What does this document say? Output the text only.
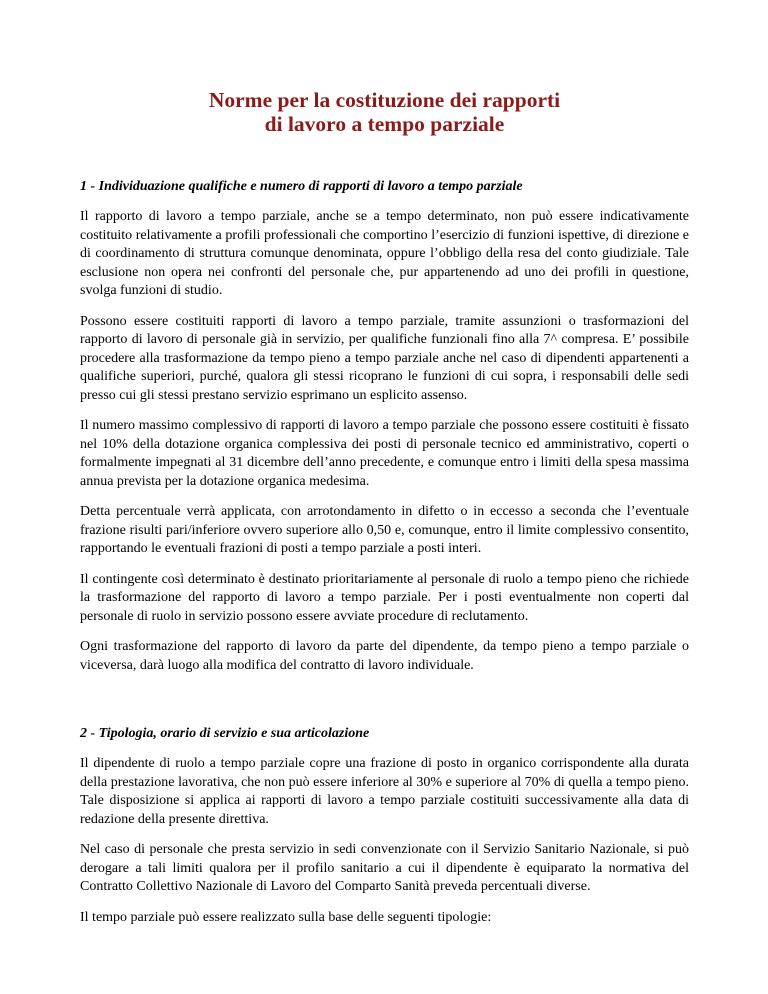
Norme per la costituzione dei rapporti
di lavoro a tempo parziale
1 - Individuazione qualifiche e numero di rapporti di lavoro a tempo parziale

Il rapporto di lavoro a tempo parziale, anche se a tempo determinato, non può essere indicativamente costituito relativamente a profili professionali che comportino l’esercizio di funzioni ispettive, di direzione e di coordinamento di struttura comunque denominata, oppure l’obbligo della resa del conto giudiziale. Tale esclusione non opera nei confronti del personale che, pur appartenendo ad uno dei profili in questione, svolga funzioni di studio.

Possono essere costituiti rapporti di lavoro a tempo parziale, tramite assunzioni o trasformazioni del rapporto di lavoro di personale già in servizio, per qualifiche funzionali fino alla 7^ compresa. E’ possibile procedere alla trasformazione da tempo pieno a tempo parziale anche nel caso di dipendenti appartenenti a qualifiche superiori, purché, qualora gli stessi ricoprano le funzioni di cui sopra, i responsabili delle sedi presso cui gli stessi prestano servizio esprimano un esplicito assenso.

Il numero massimo complessivo di rapporti di lavoro a tempo parziale che possono essere costituiti è fissato nel 10% della dotazione organica complessiva dei posti di personale tecnico ed amministrativo, coperti o formalmente impegnati al 31 dicembre dell’anno precedente, e comunque entro i limiti della spesa massima annua prevista per la dotazione organica medesima.

Detta percentuale verrà applicata, con arrotondamento in difetto o in eccesso a seconda che l’eventuale frazione risulti pari/inferiore ovvero superiore allo 0,50 e, comunque, entro il limite complessivo consentito, rapportando le eventuali frazioni di posti a tempo parziale a posti interi.

Il contingente così determinato è destinato prioritariamente al personale di ruolo a tempo pieno che richiede la trasformazione del rapporto di lavoro a tempo parziale. Per i posti eventualmente non coperti dal personale di ruolo in servizio possono essere avviate procedure di reclutamento.

Ogni trasformazione del rapporto di lavoro da parte del dipendente, da tempo pieno a tempo parziale o viceversa, darà luogo alla modifica del contratto di lavoro individuale.

2 - Tipologia, orario di servizio e sua articolazione

Il dipendente di ruolo a tempo parziale copre una frazione di posto in organico corrispondente alla durata della prestazione lavorativa, che non può essere inferiore al 30% e superiore al 70% di quella a tempo pieno. Tale disposizione si applica ai rapporti di lavoro a tempo parziale costituiti successivamente alla data di redazione della presente direttiva.

Nel caso di personale che presta servizio in sedi convenzionate con il Servizio Sanitario Nazionale, si può derogare a tali limiti qualora per il profilo sanitario a cui il dipendente è equiparato la normativa del Contratto Collettivo Nazionale di Lavoro del Comparto Sanità preveda percentuali diverse.

Il tempo parziale può essere realizzato sulla base delle seguenti tipologie:
